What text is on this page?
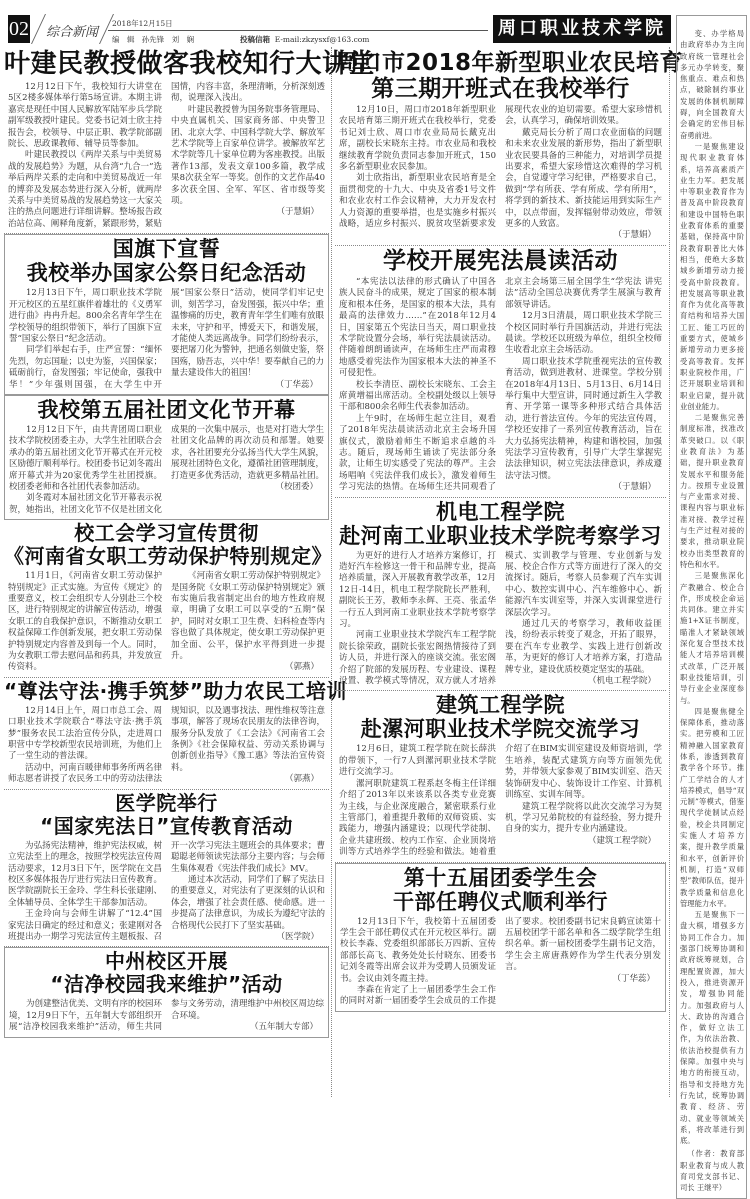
02 综合新闻
2018年12月15日
编　辑 孙先锋　刘　娴	投稿信箱 E-mail:zkzysxf@163.com
周口职业技术学院
叶建民教授做客我校知行大讲堂

12月12日下午，我校知行大讲堂在5区2楼多媒体举行第5场宣讲。本期主讲嘉宾是现任中国人民解放军陆军步兵学院副军级教授叶建民。党委书记刘士欣主持报告会，校领导、中层正职、教学院部副院长、思政课教师、辅导员等参加。

叶建民教授以《两岸关系与中美贸易战的发展趋势》为题，从台湾“九合一”选举后两岸关系的走向和中美贸易战近一年的博弈及发展态势进行深入分析，就两岸关系与中美贸易战的发展趋势这一大家关注的热点问题进行详细讲解。整场报告政治站位高、阐释角度新，紧跟形势，紧贴国情，内容丰富，条理清晰，分析深刻透彻，说理深入浅出。

叶建民教授曾为国务院事务管理局、中央直属机关、国家商务部、中央警卫团、北京大学、中国科学院大学、解放军艺术学院等上百家单位讲学。被解放军艺术学院等几十家单位聘为客座教授。出版著作13部，发表文章100多篇，教学成果8次获全军一等奖。创作的文艺作品40多次获全国、全军、军区、省市级等奖项。

（于慧娟）
国旗下宣誓
我校举办国家公祭日纪念活动

12月13日下午，周口职业技术学院开元校区的五星红旗伴着雄壮的《义勇军进行曲》冉冉升起。800余名青年学生在学校领导的组织带领下，举行了国旗下宣誓“国家公祭日”纪念活动。

同学们举起右手，庄严宣誓：“缅怀先烈，勿忘国耻；以史为鉴，兴国保家；砥砺前行，奋发图强；牢记使命，强我中华！”少年强则国强，在大学生中开展“国家公祭日”活动，使同学们牢记史训，刻苦学习，奋发图强，振兴中华；重温惨痛的历史，教育青年学生们唯有放眼未来，守护和平，博爱天下，和谐发展，才能使人类远离战争。同学们纷纷表示，要把屠刀化为警钟，把通名刻做史鉴，祭国殇，励吾志，兴中华！要奉献自己的力量去建设伟大的祖国！

（丁华蕊）
我校第五届社团文化节开幕

12月12日下午，由共青团周口职业技术学院校团委主办，大学生社团联合会承办的第五届社团文化节开幕式在开元校区励德厅顺利举行。校团委书记刘冬霞出席开幕式并为20家优秀学生社团授旗。校团委老师和各社团代表参加活动。

刘冬霞对本届社团文化节开幕表示祝贺，她指出，社团文化节不仅是社团文化成果的一次集中展示，也是对打造大学生社团文化品牌的再次动员和部署。她要求，各社团要充分弘扬当代大学生风貌，展现社团特色文化，遵循社团管理制度，打造更多优秀活动，造就更多精品社团。

（校团委）
校工会学习宣传贯彻
《河南省女职工劳动保护特别规定》

11月1日，《河南省女职工劳动保护特别规定》正式实施。为宣传《规定》的重要意义，校工会组织专人分别赴三个校区，进行特别规定的讲解宣传活动，增强女职工的自我保护意识，不断推动女职工权益保障工作创新发展，把女职工劳动保护特别规定内容普及到每一个人。同时，为女教职工带去慰问品和药具，并发放宣传资料。

《河南省女职工劳动保护特别规定》是国务院《女职工劳动保护特别规定》颁布实施后我省制定出台的地方性政府规章，明确了女职工可以享受的“五期”保护，同时对女职工卫生费、妇科检查等内容也做了具体规定，使女职工劳动保护更加全面、公平，保护水平得到进一步提升。

（郭燕）
“尊法守法·携手筑梦”助力农民工培训

12月14日上午，周口市总工会、周口职业技术学院联合“尊法守法·携手筑梦”服务农民工法治宣传分队，走进周口职营中专学校新型农民培训班，为他们上了一堂生动的普法课。

活动中，河南百暖律师事务所两名律师志愿者讲授了农民务工中的劳动法律法规知识，以及遇事找法、理性维权等注意事项，解答了现场农民朋友的法律咨询，服务分队发放了《工会法》《河南省工会条例》《社会保障权益、劳动关系协调与创新创业指导》《豫工惠》等法治宣传资料。

（郭燕）
医学院举行
“国家宪法日”宣传教育活动

为弘扬宪法精神，维护宪法权威，树立宪法至上的理念，按照学校宪法宣传周活动要求，12月3日下午，医学院在文昌校区多媒体报告厅进行宪法日宣传教育。医学院副院长王金玲、学生科长张建刚、全体辅导员、全体学生干部参加活动。

王金玲向与会师生讲解了“12.4”国家宪法日确定的经过和意义；张建刚对各班提出办一期学习宪法宣传主题板报、召开一次学习宪法主题班会的具体要求；曹聪聪老师领读宪法部分主要内容；与会师生集体观看《宪法伴我们成长》MV。

通过本次活动，同学们了解了宪法日的重要意义，对宪法有了更深刻的认识和体会，增强了社会责任感、使命感。进一步提高了法律意识，为成长为遵纪守法的合格现代公民打下了坚实基础。

（医学院）
中州校区开展
“洁净校园我来维护”活动

为创建整洁优美、文明有序的校园环境，12月9日下午，五年制大专部组织开展“洁净校园我来维护”活动，师生共同参与文务劳动，清理维护中州校区周边综合环境。

（五年制大专部）
周口市2018年新型职业农民培育
第三期开班式在我校举行

12月10日，周口市2018年新型职业农民培育第三期开班式在我校举行，党委书记刘士欣、周口市农业局局长戴克出席，副校长宋晓东主持。市农业局和我校继续教育学院负责同志参加开班式，150多名新型职业农民参加。

刘士欣指出，新型职业农民培育是全面贯彻党的十九大、中央及省委1号文件和农业农村工作会议精神，大力开发农村人力资源的重要举措，也是实施乡村振兴战略，适应乡村振兴、脱贫攻坚新要求发展现代农业的迫切需要。希望大家珍惜机会，认真学习，确保培训效果。

戴克局长分析了周口农业面临的问题和未来农业发展的新形势，指出了新型职业农民要具备的三种能力，对培训学员提出要求，希望大家珍惜这次难得的学习机会，自觉遵守学习纪律，严格要求自己，做到“学有所获、学有所成、学有所用”，将学到的新技术、新技能运用到实际生产中，以点带面，发挥辐射带动效应，带领更多的人致富。

（于慧娟）
学校开展宪法晨读活动

“本宪法以法律的形式确认了中国各族人民奋斗的成果，规定了国家的根本制度和根本任务，是国家的根本大法，具有最高的法律效力……”在2018年12月4日，国家第五个宪法日当天，周口职业技术学院设置分会场，举行宪法晨读活动。伴随着朗朗诵读声，在场师生庄严而肃穆地感受着宪法作为国家根本大法的神圣不可侵犯性。

校长李清臣、副校长宋晓东、工会主席黄增福出席活动。全校副处级以上领导干部和800余名师生代表参加活动。

上午9时，在场师生起立注目，观看了2018年宪法晨读活动北京主会场升国旗仪式，激励着师生不断追求卓越的斗志。随后，现场师生诵读了宪法部分条款，让师生切实感受了宪法的尊严。主会场唱响《宪法伴我们成长》，激发着师生学习宪法的热情。在场师生还共同观看了北京主会场第三届全国学生“学宪法 讲宪法”活动全国总决赛优秀学生展演与教育部领导讲话。

12月3日清晨，周口职业技术学院三个校区同时举行升国旗活动，并进行宪法晨读。学校还以班级为单位，组织全校师生收看北京主会场活动。

周口职业技术学院重视宪法的宣传教育活动，做到进教材、进课堂。学校分别在2018年4月13日、5月13日、6月14日举行集中大型宣讲，同时通过新生入学教育、开学第一课等多种形式结合具体活动，进行普法宣传。今年的宪法宣传周，学校还安排了一系列宣传教育活动，旨在大力弘扬宪法精神，构建和谐校园，加强宪法学习宣传教育，引导广大学生掌握宪法法律知识，树立宪法法律意识，养成遵法守法习惯。

（于慧娟）
机电工程学院
赴河南工业职业技术学院考察学习

为更好的进行人才培养方案修订，打造好汽车检修这一骨干和品牌专业，提高培养质量，深入开展教育教学改革，12月12日-14日，机电工程学院院长严胜利，副院长王芳，教师李永辉、王亮、张孟华一行五人到河南工业职业技术学院考察学习。

河南工业职业技术学院汽车工程学院院长徐荣政，副院长张宏阁热情接待了到访人员，并进行深入的座谈交流。张宏阁介绍了院部的发展历程、专业建设、课程设置、教学模式等情况，双方就人才培养模式、实训教学与管理、专业创新与发展、校企合作方式等方面进行了深入的交流探讨。随后，考察人员参观了汽车实训中心、数控实训中心、汽车维修中心、新能源汽车实训室等，并深入实训课堂进行深层次学习。

通过几天的考察学习，教师收益匪浅，纷纷表示转变了观念，开拓了眼界，要在汽车专业教学、实践上进行创新改革，为更好的修订人才培养方案，打造品牌专业，建设优质校奠定坚实的基础。

（机电工程学院）
建筑工程学院
赴漯河职业技术学院交流学习

12月6日，建筑工程学院在院长薛洪的带领下，一行7人到漯河职业技术学院进行交流学习。

漯河职院建筑工程系赵冬梅主任详细介绍了2013年以来该系以各类专业竞赛为主线，与企业深度融合，紧密联系行业主管部门，着重提升教师的双师资质、实践能力，增强内涵建设；以现代学徒制、企业共建班级、校内工作室、企业顶岗培训等方式培养学生的经验和做法。她着重介绍了在BIM实训室建设及师资培训，学生培养，装配式建筑方向等方面领先优势，并带领大家参观了BIM实训室、浩天装饰研发中心、装饰设计工作室、计算机训练室、实训车间等。

建筑工程学院将以此次交流学习为契机，学习兄弟院校的有益经验，努力提升自身的实力，提升专业内涵建设。

（建筑工程学院）
第十五届团委学生会
干部任聘仪式顺利举行

12月13日下午，我校第十五届团委学生会干部任聘仪式在开元校区举行。副校长李森、党委组织部部长万四新、宣传部部长高飞、教务处处长付晓东、团委书记刘冬霞等出席会议并为受聘人员颁发证书。会议由刘冬霞主持。

李森在肯定了上一届团委学生会工作的同时对新一届团委学生会成员的工作提出了要求。校团委副书记宋良鹤宣读第十五届校团学干部名单和各二级学院学生组织名单。新一届校团委学生副书记文浩，学生会主席唐燕婷作为学生代表分别发言。

（丁华蕊）

变、办学格局由政府举办为主向政府统一管理社会多元办学转变，聚焦重点、难点和热点，破除制约事业发展的体制机制障碍，向全国教育大会确定的宏伟目标奋勇前进。

一是聚焦建设现代职业教育体系，培养高素质产业生力军。把发展中等职业教育作为普及高中阶段教育和建设中国特色职业教育体系的重要基础，保持高中阶段教育职普比大体相当，使绝大多数城乡新增劳动力接受高中阶段教育。把发展高等职业教育作为优化高等教育结构和培养大国工匠、能工巧匠的重要方式，使城乡新增劳动力更多接受高等教育。发挥职业院校作用，广泛开展职业培训和职业启蒙，提升就业创业能力。

二是聚焦完善制度标准，找准改革突破口。以《职业教育法》为基础，提升职业教育发展水平和服务能力。按照专业设置与产业需求对接、课程内容与职业标准对接、教学过程与生产过程对接的要求，推动职业院校办出类型教育的特色和水平。

三是聚焦深化产教融合、校企合作，形成校企命运共同体。建立并实施1+X证书制度，瞄准人才紧缺领域深化复合型技术技能人才培养培训模式改革，广泛开展职业技能培训，引导行业企业深度参与。

四是聚焦健全保障体系，推动落实。把劳模和工匠精神融入国家教育体系，渗透到教育教学各个环节。推广工学结合的人才培养模式，倡导“双元制”等模式，借鉴现代学徒制试点经验，校企共同制定实施人才培养方案，提升教学质量和水平，创新评价机制，打造“双师型”教师队伍，提升教学质量和信息化管理能力水平。

五是聚焦下一盘大棋，增强多方协同工作合力。加强部门统筹协调和政府统筹规划，合理配置资源，加大投入，推进资源开发，增强协同能力。加强政府与人大、政协的沟通合作，做好立法工作，为依法治教、依法治校提供有力保障。加强中央与地方的衔接互动，指导和支持地方先行先试，统筹协调教育、经济、劳动、就业等领域关系，将改革进行到底。

（作者：教育部职业教育与成人教育司党支部书记、司长 王继平）
